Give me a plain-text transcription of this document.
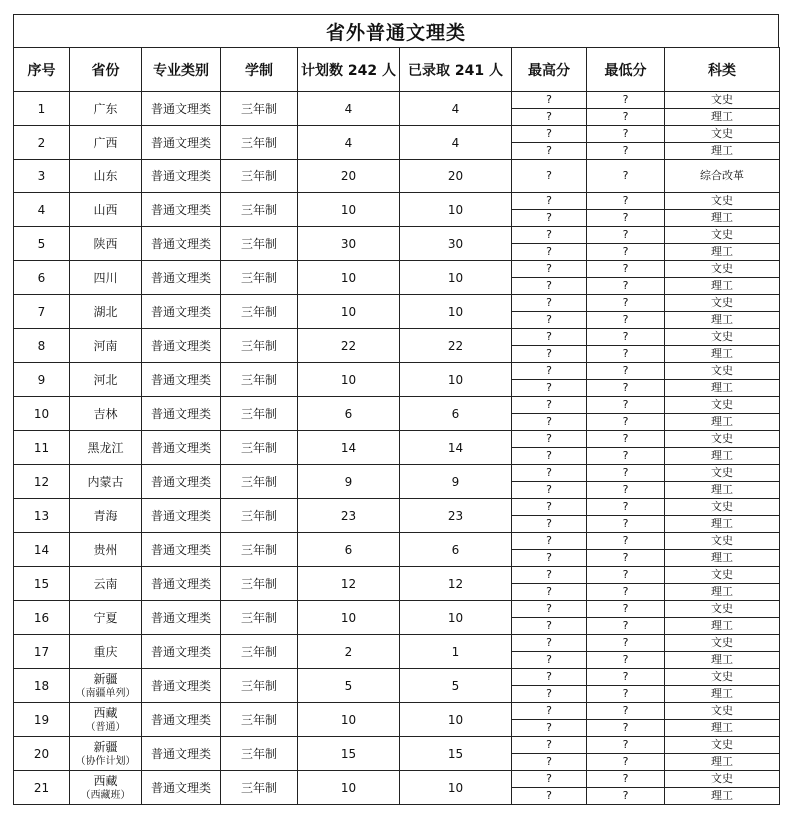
省外普通文理类
序号	省份	专业类别	学制	计划数 242 人	已录取 241 人	最高分	最低分	科类
1	广东	普通文理类	三年制	4	4	?	?	文史
						?	?	理工
2	广西	普通文理类	三年制	4	4	?	?	文史
						?	?	理工
3	山东	普通文理类	三年制	20	20	?	?	综合改革
4	山西	普通文理类	三年制	10	10	?	?	文史
						?	?	理工
5	陕西	普通文理类	三年制	30	30	?	?	文史
						?	?	理工
6	四川	普通文理类	三年制	10	10	?	?	文史
						?	?	理工
7	湖北	普通文理类	三年制	10	10	?	?	文史
						?	?	理工
8	河南	普通文理类	三年制	22	22	?	?	文史
						?	?	理工
9	河北	普通文理类	三年制	10	10	?	?	文史
						?	?	理工
10	吉林	普通文理类	三年制	6	6	?	?	文史
						?	?	理工
11	黑龙江	普通文理类	三年制	14	14	?	?	文史
						?	?	理工
12	内蒙古	普通文理类	三年制	9	9	?	?	文史
						?	?	理工
13	青海	普通文理类	三年制	23	23	?	?	文史
						?	?	理工
14	贵州	普通文理类	三年制	6	6	?	?	文史
						?	?	理工
15	云南	普通文理类	三年制	12	12	?	?	文史
						?	?	理工
16	宁夏	普通文理类	三年制	10	10	?	?	文史
						?	?	理工
17	重庆	普通文理类	三年制	2	1	?	?	文史
						?	?	理工
18	新疆
（南疆单列）	普通文理类	三年制	5	5	?	?	文史
						?	?	理工
19	西藏
（普通）	普通文理类	三年制	10	10	?	?	文史
						?	?	理工
20	新疆
（协作计划）	普通文理类	三年制	15	15	?	?	文史
						?	?	理工
21	西藏
（西藏班）	普通文理类	三年制	10	10	?	?	文史
						?	?	理工
